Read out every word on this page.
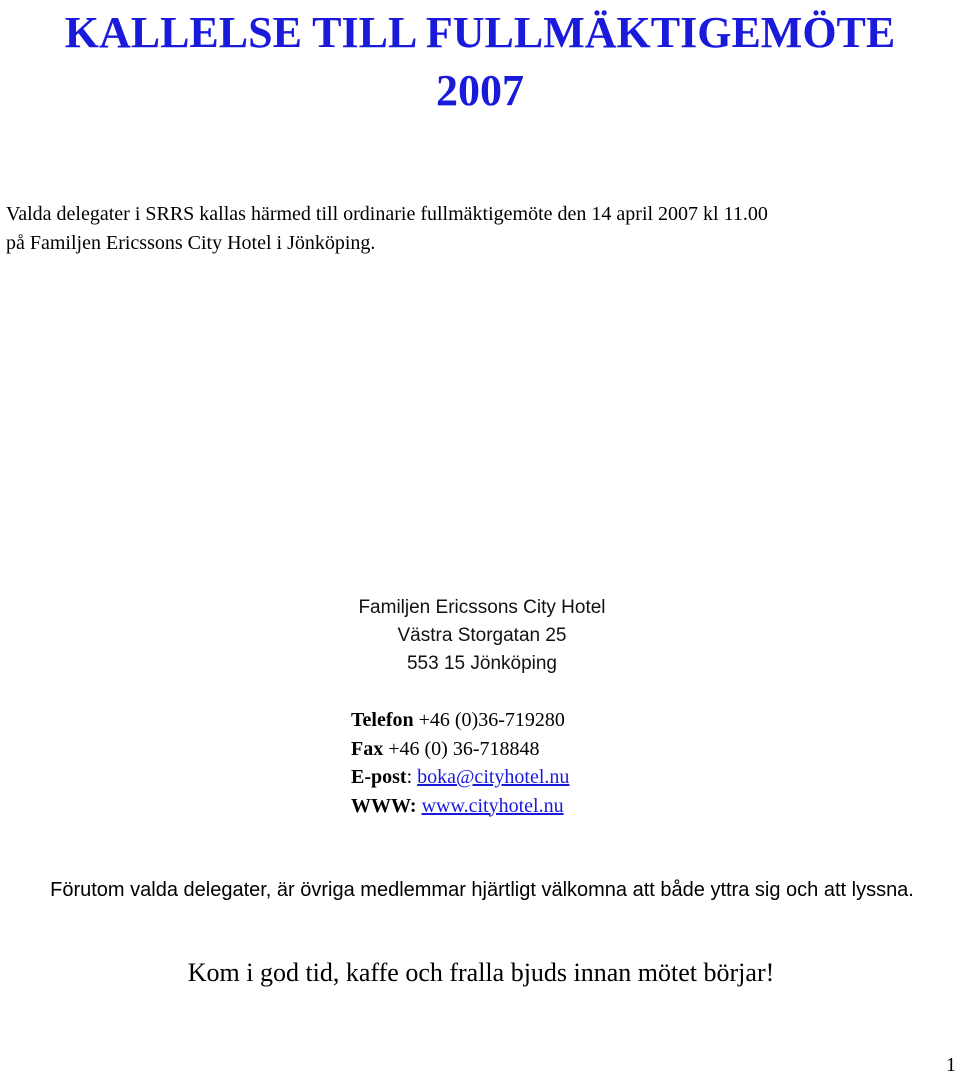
KALLELSE TILL FULLMÄKTIGEMÖTE
2007
Valda delegater i SRRS kallas härmed till ordinarie fullmäktigemöte den 14 april 2007 kl 11.00
på Familjen Ericssons City Hotel i Jönköping.
Familjen Ericssons City Hotel
Västra Storgatan 25
553 15 Jönköping
Telefon +46 (0)36-719280
Fax +46 (0) 36-718848
E-post: boka@cityhotel.nu
WWW: www.cityhotel.nu
Förutom valda delegater, är övriga medlemmar hjärtligt välkomna att både yttra sig och att lyssna.
Kom i god tid, kaffe och fralla bjuds innan mötet börjar!
1
